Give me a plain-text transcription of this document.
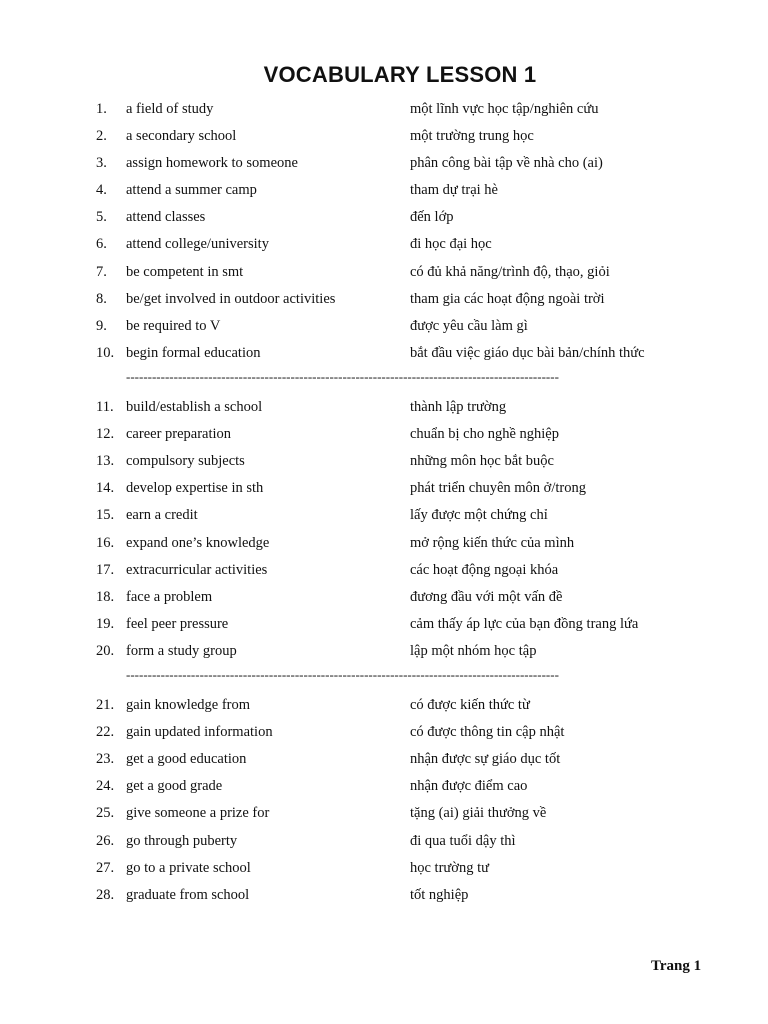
VOCABULARY LESSON 1
1.	a field of study	một lĩnh vực học tập/nghiên cứu
2.	a secondary school	một trường trung học
3.	assign homework to someone	phân công bài tập về nhà cho (ai)
4.	attend a summer camp	tham dự trại hè
5.	attend classes	đến lớp
6.	attend college/university	đi học đại học
7.	be competent in smt	có đủ khả năng/trình độ, thạo, giỏi
8.	be/get involved in outdoor activities	tham gia các hoạt động ngoài trời
9.	be required to V	được yêu cầu làm gì
10. begin formal education	bắt đầu việc giáo dục bài bản/chính thức
----------------------------------------------------------------------------------------------------
11. build/establish a school	thành lập trường
12. career preparation	chuẩn bị cho nghề nghiệp
13. compulsory subjects	những môn học bắt buộc
14. develop expertise in sth	phát triển chuyên môn ở/trong
15. earn a credit	lấy được một chứng chỉ
16. expand one’s knowledge	mở rộng kiến thức của mình
17. extracurricular activities	các hoạt động ngoại khóa
18. face a problem	đương đầu với một vấn đề
19. feel peer pressure	cảm thấy áp lực của bạn đồng trang lứa
20. form a study group	lập một nhóm học tập
----------------------------------------------------------------------------------------------------
21. gain knowledge from	có được kiến thức từ
22. gain updated information	có được thông tin cập nhật
23. get a good education	nhận được sự giáo dục tốt
24. get a good grade	nhận được điểm cao
25. give someone a prize for	tặng (ai) giải thưởng về
26. go through puberty	đi qua tuổi dậy thì
27. go to a private school	học trường tư
28. graduate from school	tốt nghiệp
Trang 1
